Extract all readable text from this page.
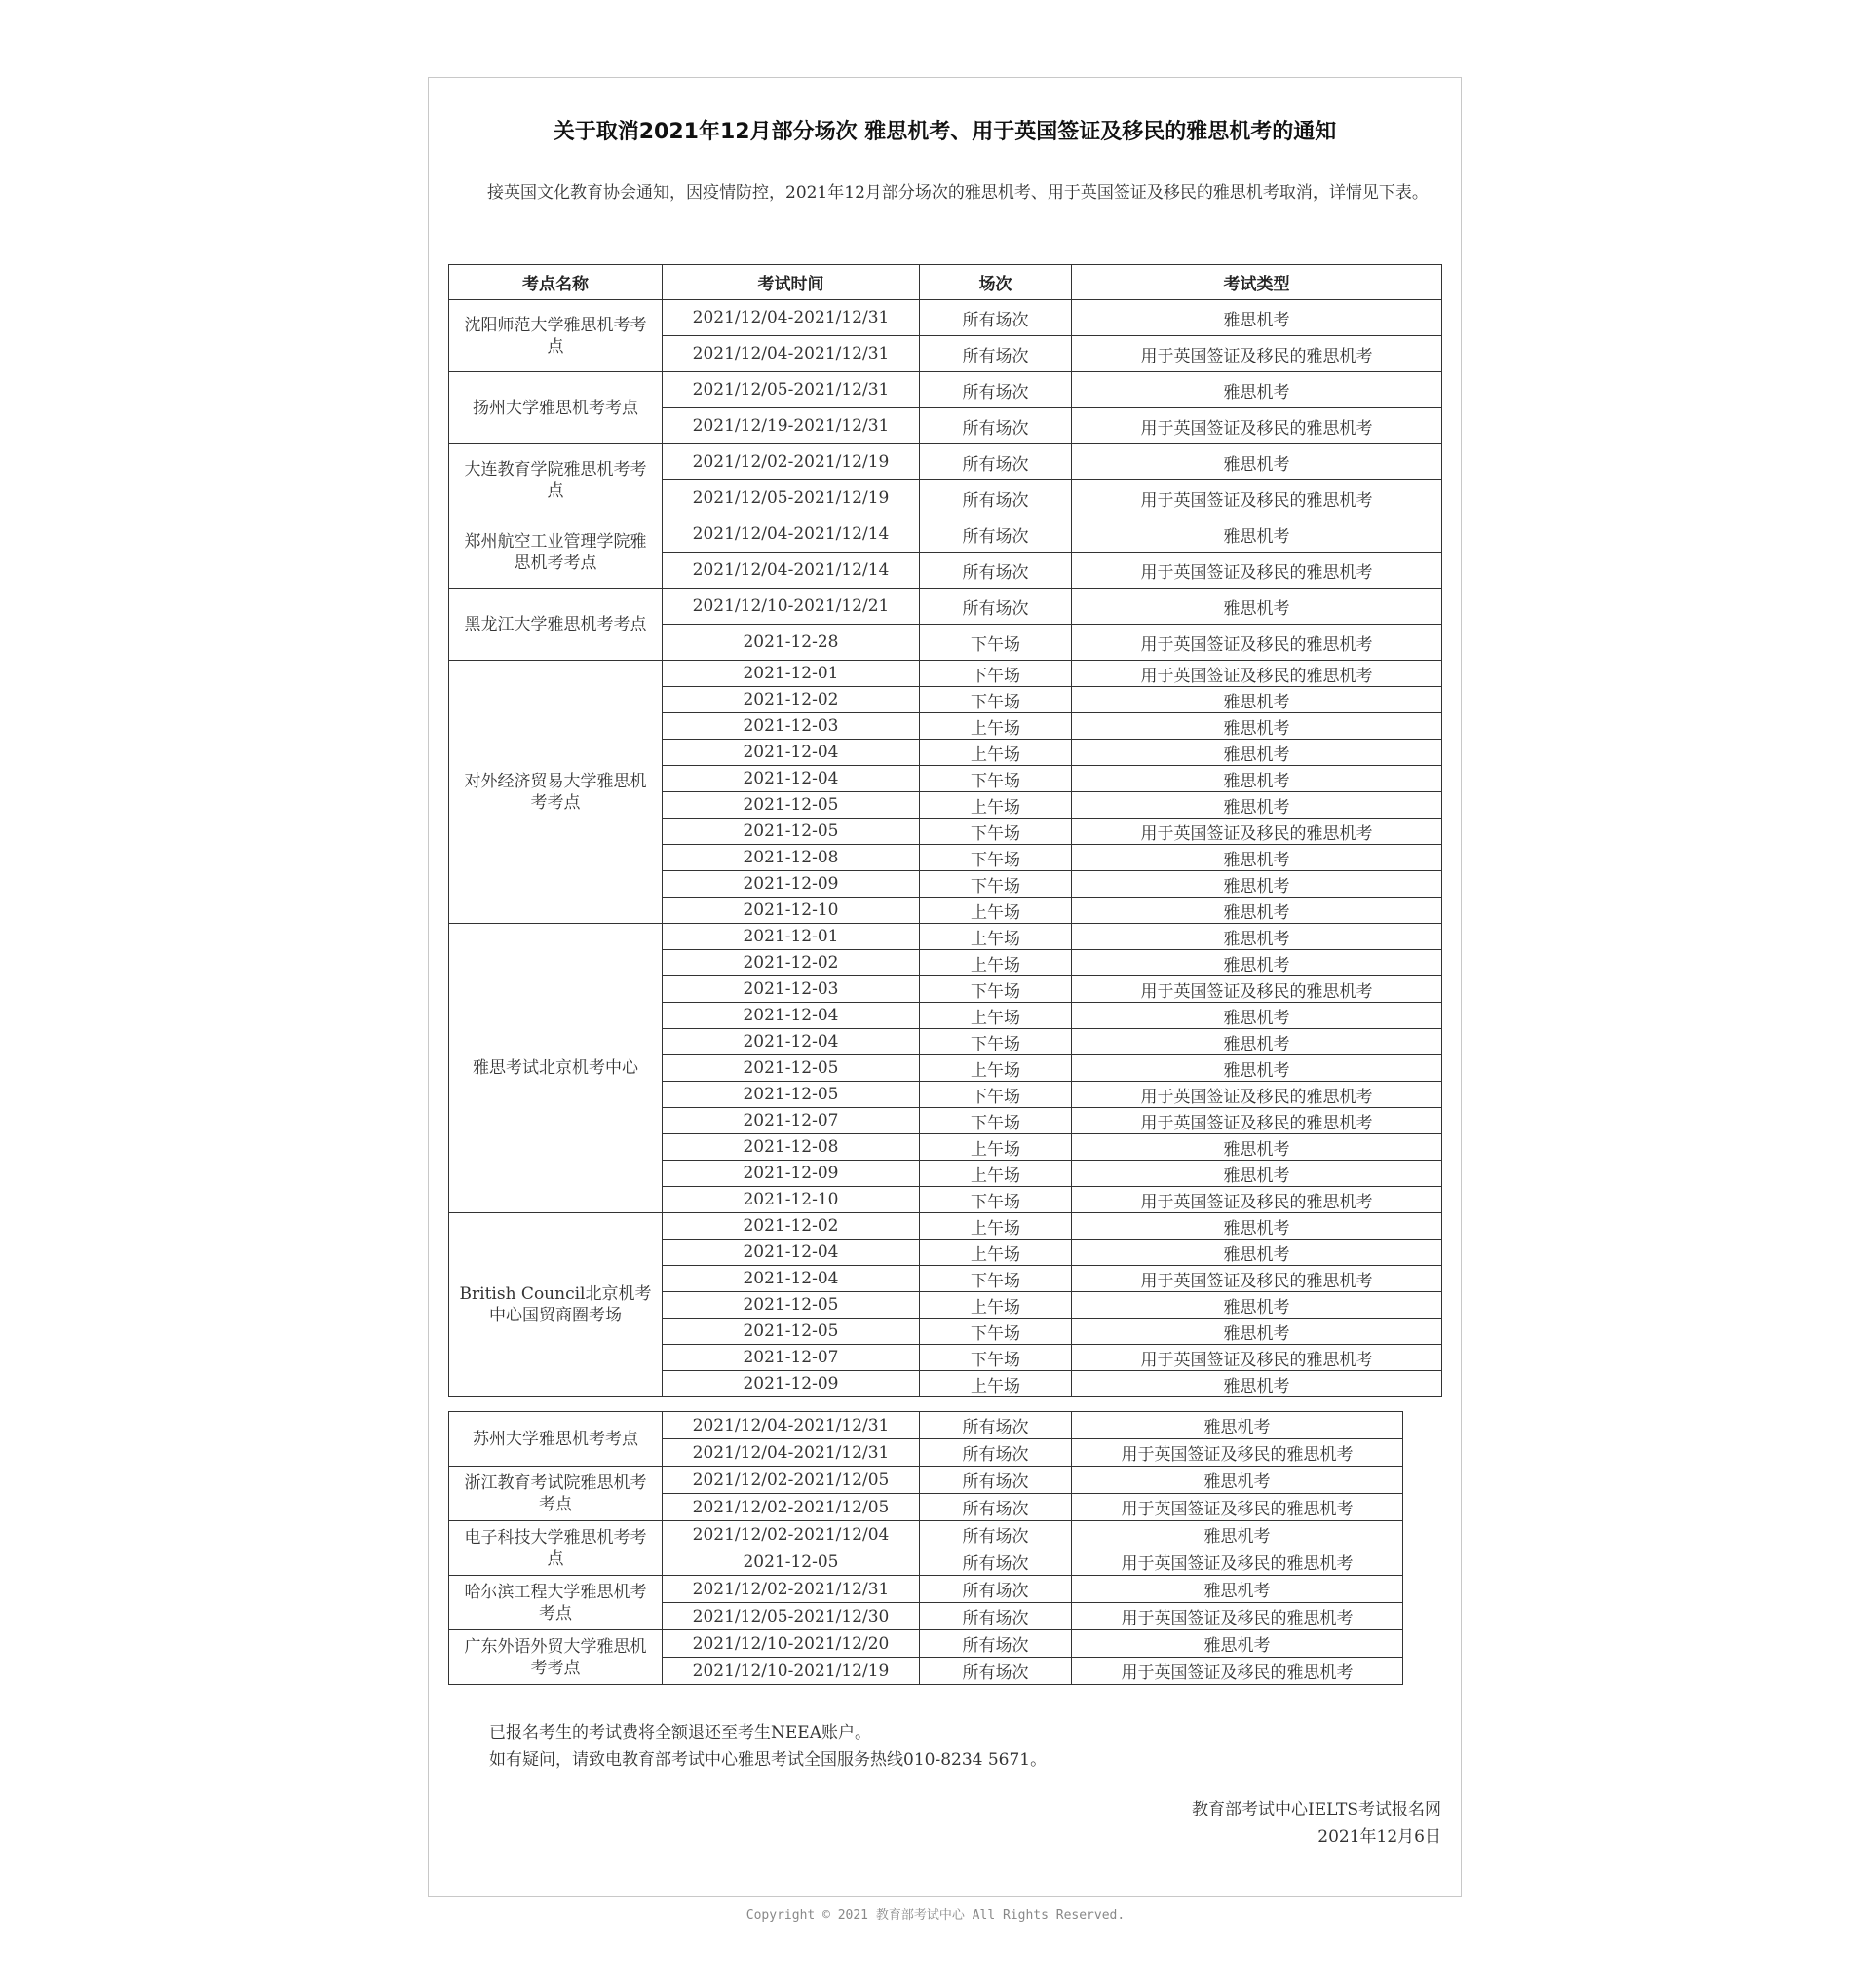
关于取消2021年12月部分场次 雅思机考、用于英国签证及移民的雅思机考的通知

接英国文化教育协会通知，因疫情防控，2021年12月部分场次的雅思机考、用于英国签证及移民的雅思机考取消，详情见下表。

考点名称	考试时间	场次	考试类型
沈阳师范大学雅思机考考点	2021/12/04-2021/12/31	所有场次	雅思机考
	2021/12/04-2021/12/31	所有场次	用于英国签证及移民的雅思机考
扬州大学雅思机考考点	2021/12/05-2021/12/31	所有场次	雅思机考
	2021/12/19-2021/12/31	所有场次	用于英国签证及移民的雅思机考
大连教育学院雅思机考考点	2021/12/02-2021/12/19	所有场次	雅思机考
	2021/12/05-2021/12/19	所有场次	用于英国签证及移民的雅思机考
郑州航空工业管理学院雅思机考考点	2021/12/04-2021/12/14	所有场次	雅思机考
	2021/12/04-2021/12/14	所有场次	用于英国签证及移民的雅思机考
黑龙江大学雅思机考考点	2021/12/10-2021/12/21	所有场次	雅思机考
	2021-12-28	下午场	用于英国签证及移民的雅思机考
对外经济贸易大学雅思机考考点	2021-12-01	下午场	用于英国签证及移民的雅思机考
	2021-12-02	下午场	雅思机考
	2021-12-03	上午场	雅思机考
	2021-12-04	上午场	雅思机考
	2021-12-04	下午场	雅思机考
	2021-12-05	上午场	雅思机考
	2021-12-05	下午场	用于英国签证及移民的雅思机考
	2021-12-08	下午场	雅思机考
	2021-12-09	下午场	雅思机考
	2021-12-10	上午场	雅思机考
雅思考试北京机考中心	2021-12-01	上午场	雅思机考
	2021-12-02	上午场	雅思机考
	2021-12-03	下午场	用于英国签证及移民的雅思机考
	2021-12-04	上午场	雅思机考
	2021-12-04	下午场	雅思机考
	2021-12-05	上午场	雅思机考
	2021-12-05	下午场	用于英国签证及移民的雅思机考
	2021-12-07	下午场	用于英国签证及移民的雅思机考
	2021-12-08	上午场	雅思机考
	2021-12-09	上午场	雅思机考
	2021-12-10	下午场	用于英国签证及移民的雅思机考
British Council北京机考中心国贸商圈考场	2021-12-02	上午场	雅思机考
	2021-12-04	上午场	雅思机考
	2021-12-04	下午场	用于英国签证及移民的雅思机考
	2021-12-05	上午场	雅思机考
	2021-12-05	下午场	雅思机考
	2021-12-07	下午场	用于英国签证及移民的雅思机考
	2021-12-09	上午场	雅思机考
苏州大学雅思机考考点	2021/12/04-2021/12/31	所有场次	雅思机考
	2021/12/04-2021/12/31	所有场次	用于英国签证及移民的雅思机考
浙江教育考试院雅思机考考点	2021/12/02-2021/12/05	所有场次	雅思机考
	2021/12/02-2021/12/05	所有场次	用于英国签证及移民的雅思机考
电子科技大学雅思机考考点	2021/12/02-2021/12/04	所有场次	雅思机考
	2021-12-05	所有场次	用于英国签证及移民的雅思机考
哈尔滨工程大学雅思机考考点	2021/12/02-2021/12/31	所有场次	雅思机考
	2021/12/05-2021/12/30	所有场次	用于英国签证及移民的雅思机考
广东外语外贸大学雅思机考考点	2021/12/10-2021/12/20	所有场次	雅思机考
	2021/12/10-2021/12/19	所有场次	用于英国签证及移民的雅思机考
已报名考生的考试费将全额退还至考生NEEA账户。
如有疑问，请致电教育部考试中心雅思考试全国服务热线010-8234 5671。
教育部考试中心IELTS考试报名网
2021年12月6日
Copyright © 2021 教育部考试中心 All Rights Reserved.
